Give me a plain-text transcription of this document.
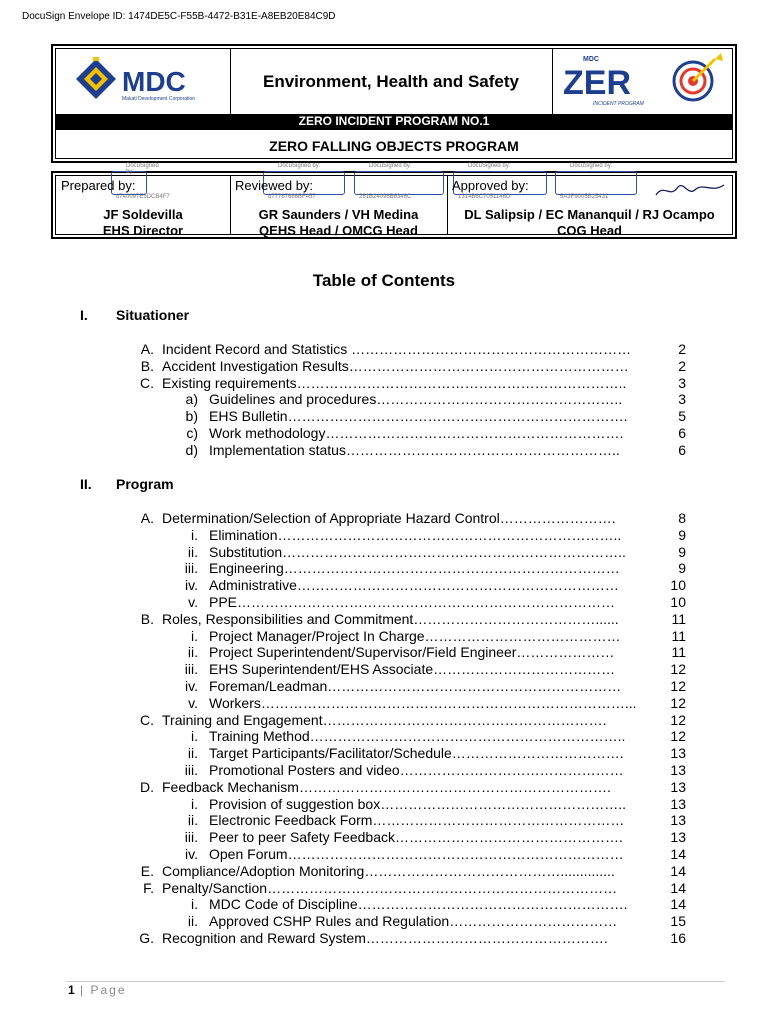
DocuSign Envelope ID: 1474DE5C-F55B-4472-B31E-A8EB20E84C9D
MDC
Makati Development Corporation
Environment, Health and Safety
MDC
ZER
INCIDENT PROGRAM
ZERO INCIDENT PROGRAM NO.1
ZERO FALLING OBJECTS PROGRAM
DocuSigned by:
8740097E5DCB4F7
Prepared by:
JF Soldevilla
EHS Director
DocuSigned by:
877767686BF457
DocuSigned by:
281B24096B6346C
Reviewed by:
GR Saunders / VH Medina
QEHS Head / OMCG Head
DocuSigned by:
1314B6C7051146D
DocuSigned by:
5A3F9005B25431
Approved by:
DL Salipsip / EC Mananquil / RJ Ocampo
COG Head
Table of Contents
I. Situationer
A. Incident Record and Statistics ……………………………………………………	2
B. Accident Investigation Results……………………………………………………	2
C. Existing requirements……………………………………………………………..	3
a) Guidelines and procedures……………………………………………..	3
b) EHS Bulletin……………………………………………………………….	5
c) Work methodology……………………………………………………….	6
d) Implementation status…………………………………………………..	6
II. Program
A. Determination/Selection of Appropriate Hazard Control…………………….	8
i. Elimination………………………………………………………………..	9
ii. Substitution………………………………………………………………..	9
iii. Engineering………………………………………………………………	9
iv. Administrative……………………………………………………………	10
v. PPE………………………………………………………………………	10
B. Roles, Responsibilities and Commitment…………………………………......	11
i. Project Manager/Project In Charge……………………………………	11
ii. Project Superintendent/Supervisor/Field Engineer…………………	11
iii. EHS Superintendent/EHS Associate…………………………………	12
iv. Foreman/Leadman………………………………………………………	12
v. Workers……………………………………………………………………...	12
C. Training and Engagement…………………………………………………….	12
i. Training Method…………………………………………………………..	12
ii. Target Participants/Facilitator/Schedule……………………………….	13
iii. Promotional Posters and video…………………………………………	13
D. Feedback Mechanism………………………………………………………….	13
i. Provision of suggestion box……………………………………………..	13
ii. Electronic Feedback Form………………………………………………	13
iii. Peer to peer Safety Feedback………………………………………….	13
iv. Open Forum………………………………………………………………	14
E. Compliance/Adoption Monitoring……………………………………..............	14
F. Penalty/Sanction…………………………………………………………………	14
i. MDC Code of Discipline………………………………………………….	14
ii. Approved CSHP Rules and Regulation………………………………	15
G. Recognition and Reward System…………………………………………….	16
1 | Page
